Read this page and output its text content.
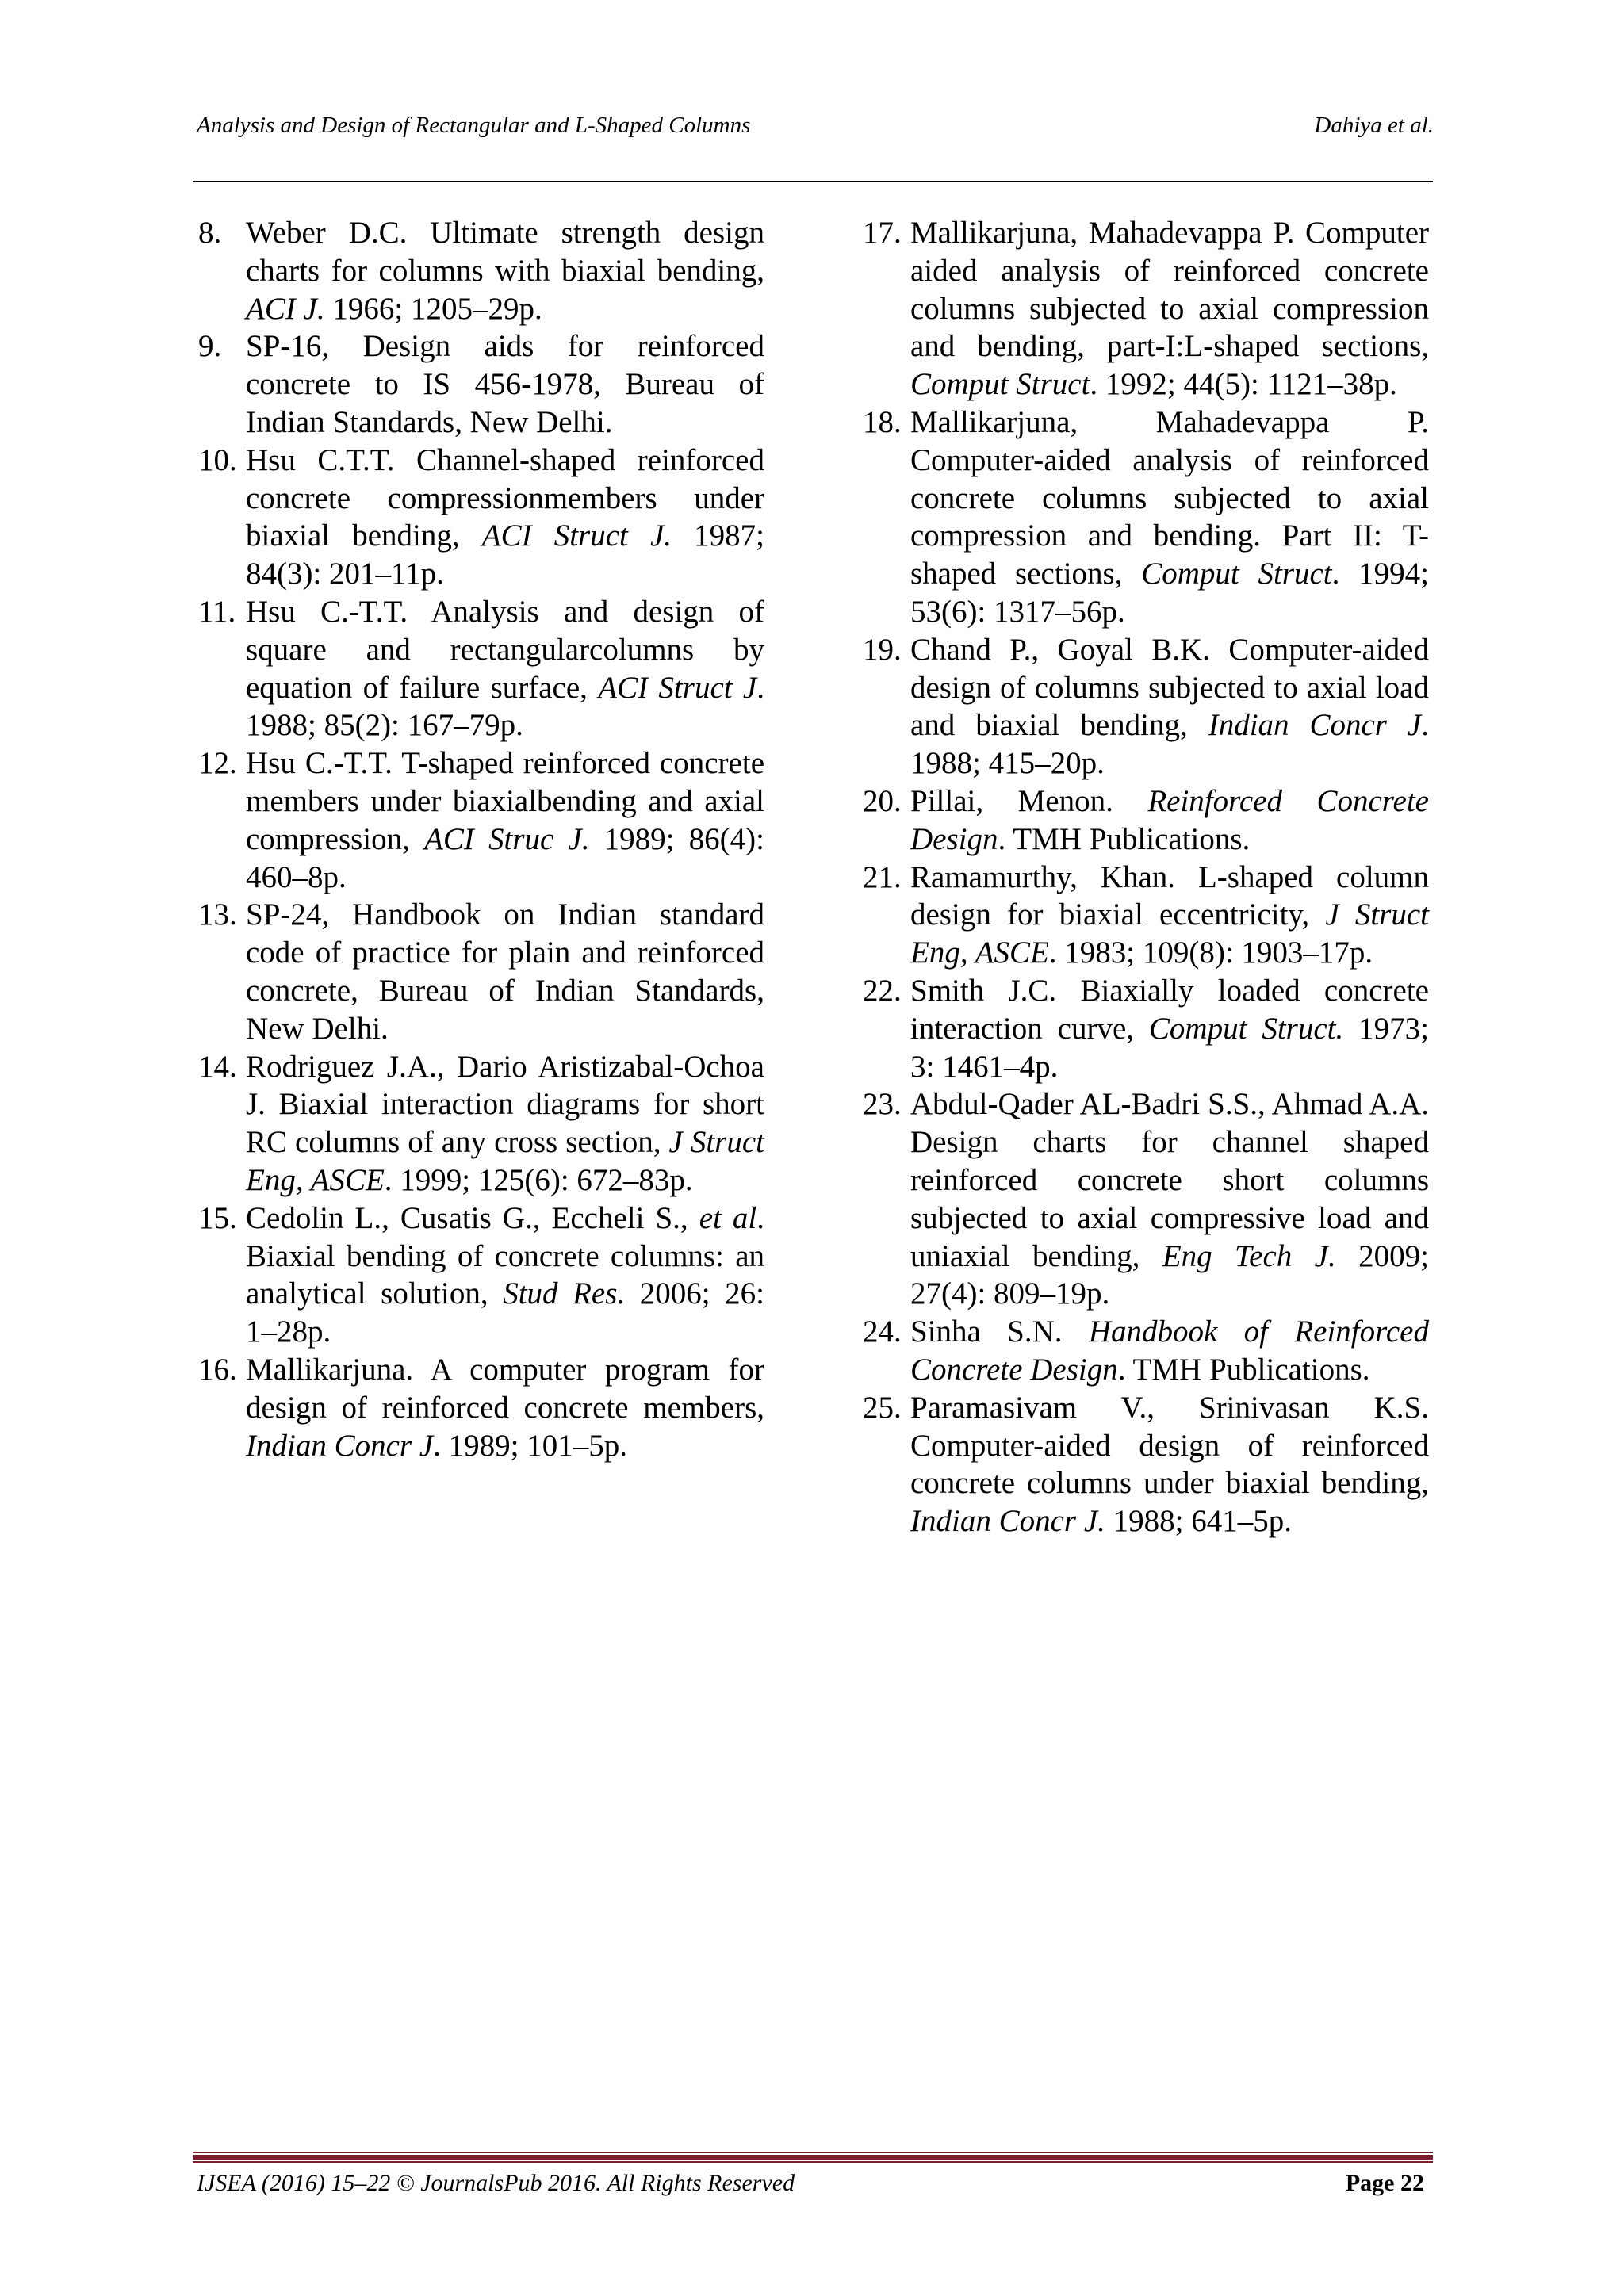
Analysis and Design of Rectangular and L-Shaped Columns	Dahiya et al.
8. Weber D.C. Ultimate strength design charts for columns with biaxial bending, ACI J. 1966; 1205–29p.
9. SP-16, Design aids for reinforced concrete to IS 456-1978, Bureau of Indian Standards, New Delhi.
10. Hsu C.T.T. Channel-shaped reinforced concrete compressionmembers under biaxial bending, ACI Struct J. 1987; 84(3): 201–11p.
11. Hsu C.-T.T. Analysis and design of square and rectangularcolumns by equation of failure surface, ACI Struct J. 1988; 85(2): 167–79p.
12. Hsu C.-T.T. T-shaped reinforced concrete members under biaxialbending and axial compression, ACI Struc J. 1989; 86(4): 460–8p.
13. SP-24, Handbook on Indian standard code of practice for plain and reinforced concrete, Bureau of Indian Standards, New Delhi.
14. Rodriguez J.A., Dario Aristizabal-Ochoa J. Biaxial interaction diagrams for short RC columns of any cross section, J Struct Eng, ASCE. 1999; 125(6): 672–83p.
15. Cedolin L., Cusatis G., Eccheli S., et al. Biaxial bending of concrete columns: an analytical solution, Stud Res. 2006; 26: 1–28p.
16. Mallikarjuna. A computer program for design of reinforced concrete members, Indian Concr J. 1989; 101–5p.
17. Mallikarjuna, Mahadevappa P. Computer aided analysis of reinforced concrete columns subjected to axial compression and bending, part-I:L-shaped sections, Comput Struct. 1992; 44(5): 1121–38p.
18. Mallikarjuna, Mahadevappa P. Computer-aided analysis of reinforced concrete columns subjected to axial compression and bending. Part II: T-shaped sections, Comput Struct. 1994; 53(6): 1317–56p.
19. Chand P., Goyal B.K. Computer-aided design of columns subjected to axial load and biaxial bending, Indian Concr J. 1988; 415–20p.
20. Pillai, Menon. Reinforced Concrete Design. TMH Publications.
21. Ramamurthy, Khan. L-shaped column design for biaxial eccentricity, J Struct Eng, ASCE. 1983; 109(8): 1903–17p.
22. Smith J.C. Biaxially loaded concrete interaction curve, Comput Struct. 1973; 3: 1461–4p.
23. Abdul-Qader AL-Badri S.S., Ahmad A.A. Design charts for channel shaped reinforced concrete short columns subjected to axial compressive load and uniaxial bending, Eng Tech J. 2009; 27(4): 809–19p.
24. Sinha S.N. Handbook of Reinforced Concrete Design. TMH Publications.
25. Paramasivam V., Srinivasan K.S. Computer-aided design of reinforced concrete columns under biaxial bending, Indian Concr J. 1988; 641–5p.
IJSEA (2016) 15–22 © JournalsPub 2016. All Rights Reserved	Page 22
